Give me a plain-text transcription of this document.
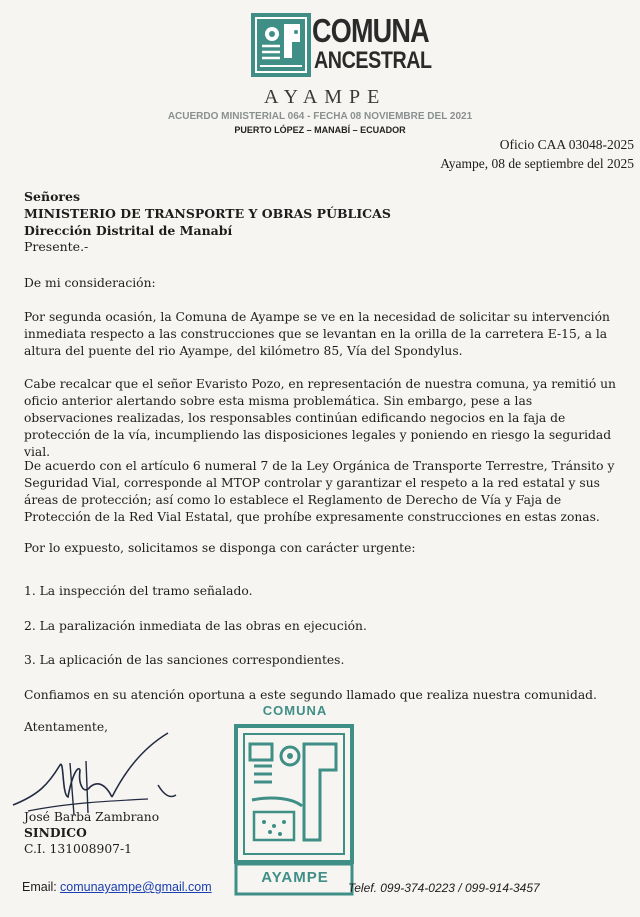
COMUNA
ANCESTRAL
AYAMPE
ACUERDO MINISTERIAL 064 - FECHA 08 NOVIEMBRE DEL 2021
PUERTO LÓPEZ – MANABÍ – ECUADOR
Oficio CAA 03048-2025
Ayampe, 08 de septiembre del 2025
Señores
MINISTERIO DE TRANSPORTE Y OBRAS PÚBLICAS
Dirección Distrital de Manabí
Presente.-

De mi consideración:

Por segunda ocasión, la Comuna de Ayampe se ve en la necesidad de solicitar su intervención inmediata respecto a las construcciones que se levantan en la orilla de la carretera E-15, a la altura del puente del rio Ayampe, del kilómetro 85, Vía del Spondylus.

Cabe recalcar que el señor Evaristo Pozo, en representación de nuestra comuna, ya remitió un oficio anterior alertando sobre esta misma problemática. Sin embargo, pese a las observaciones realizadas, los responsables continúan edificando negocios en la faja de protección de la vía, incumpliendo las disposiciones legales y poniendo en riesgo la seguridad vial.

De acuerdo con el artículo 6 numeral 7 de la Ley Orgánica de Transporte Terrestre, Tránsito y Seguridad Vial, corresponde al MTOP controlar y garantizar el respeto a la red estatal y sus áreas de protección; así como lo establece el Reglamento de Derecho de Vía y Faja de Protección de la Red Vial Estatal, que prohíbe expresamente construcciones en estas zonas.

Por lo expuesto, solicitamos se disponga con carácter urgente:

1. La inspección del tramo señalado.

2. La paralización inmediata de las obras en ejecución.

3. La aplicación de las sanciones correspondientes.

Confiamos en su atención oportuna a este segundo llamado que realiza nuestra comunidad.

Atentamente,

José Barba Zambrano
SINDICO
C.I. 131008907-1
COMUNA
AYAMPE
Email: comunayampe@gmail.com	Telef. 099-374-0223 / 099-914-3457
